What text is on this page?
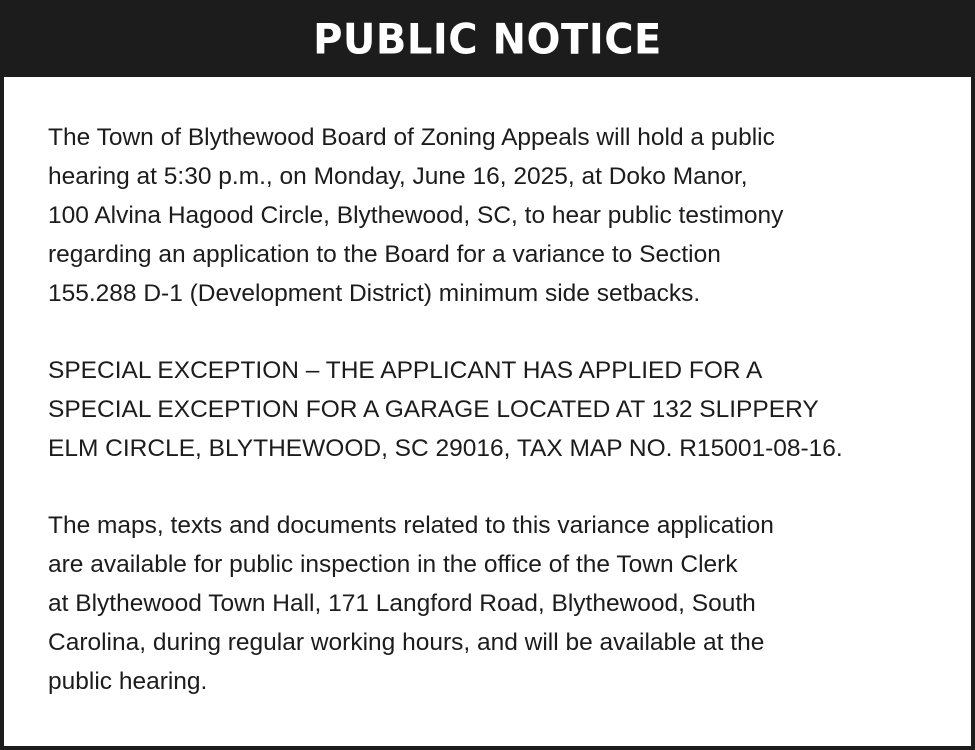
PUBLIC NOTICE

The Town of Blythewood Board of Zoning Appeals will hold a public
hearing at 5:30 p.m., on Monday, June 16, 2025, at Doko Manor,
100 Alvina Hagood Circle, Blythewood, SC, to hear public testimony
regarding an application to the Board for a variance to Section
155.288 D-1 (Development District) minimum side setbacks.

SPECIAL EXCEPTION – THE APPLICANT HAS APPLIED FOR A
SPECIAL EXCEPTION FOR A GARAGE LOCATED AT 132 SLIPPERY
ELM CIRCLE, BLYTHEWOOD, SC 29016, TAX MAP NO. R15001-08-16.

The maps, texts and documents related to this variance application
are available for public inspection in the office of the Town Clerk
at Blythewood Town Hall, 171 Langford Road, Blythewood, South
Carolina, during regular working hours, and will be available at the
public hearing.
